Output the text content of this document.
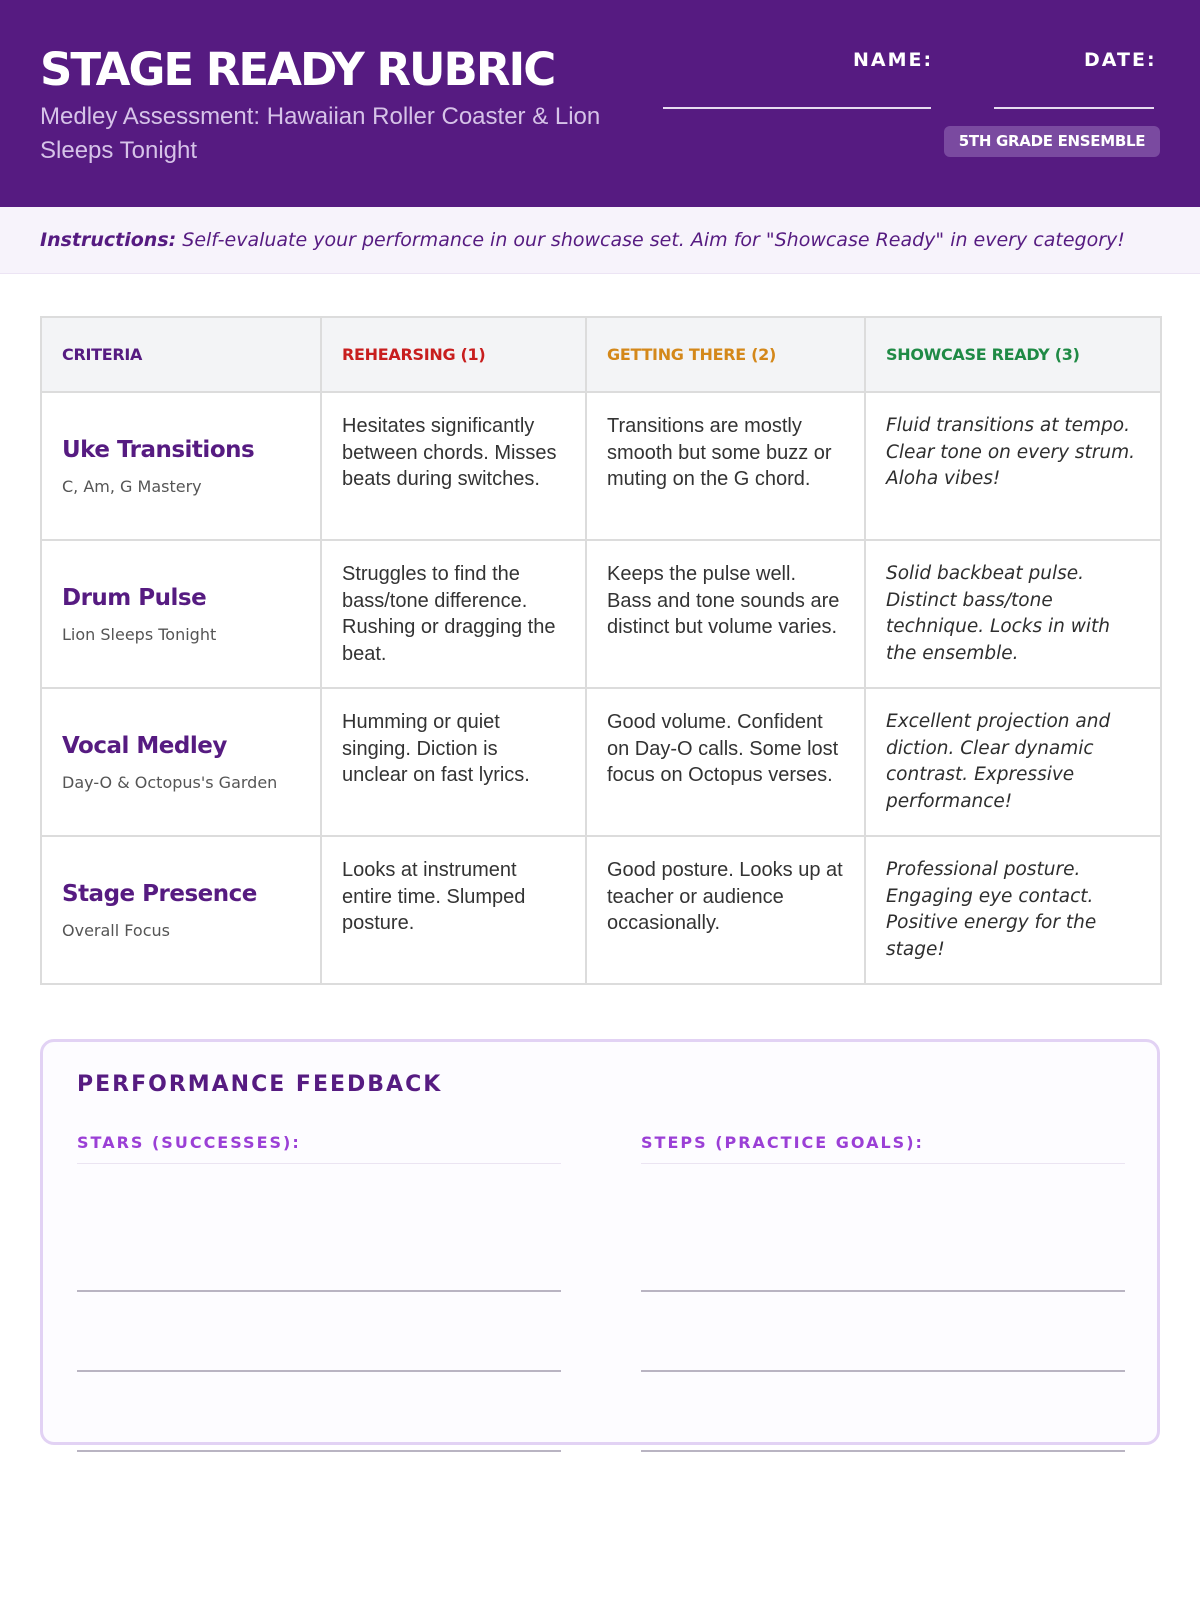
STAGE READY RUBRIC
Medley Assessment: Hawaiian Roller Coaster & Lion Sleeps Tonight
NAME:	DATE:
5TH GRADE ENSEMBLE
Instructions: Self-evaluate your performance in our showcase set. Aim for "Showcase Ready" in every category!
CRITERIA	REHEARSING (1)	GETTING THERE (2)	SHOWCASE READY (3)

Uke Transitions
C, Am, G Mastery	Hesitates significantly between chords. Misses beats during switches.	Transitions are mostly smooth but some buzz or muting on the G chord.	Fluid transitions at tempo. Clear tone on every strum. Aloha vibes!

Drum Pulse
Lion Sleeps Tonight	Struggles to find the bass/tone difference. Rushing or dragging the beat.	Keeps the pulse well. Bass and tone sounds are distinct but volume varies.	Solid backbeat pulse. Distinct bass/tone technique. Locks in with the ensemble.

Vocal Medley
Day-O & Octopus's Garden	Humming or quiet singing. Diction is unclear on fast lyrics.	Good volume. Confident on Day-O calls. Some lost focus on Octopus verses.	Excellent projection and diction. Clear dynamic contrast. Expressive performance!

Stage Presence
Overall Focus	Looks at instrument entire time. Slumped posture.	Good posture. Looks up at teacher or audience occasionally.	Professional posture. Engaging eye contact. Positive energy for the stage!
PERFORMANCE FEEDBACK
STARS (SUCCESSES):	STEPS (PRACTICE GOALS):
